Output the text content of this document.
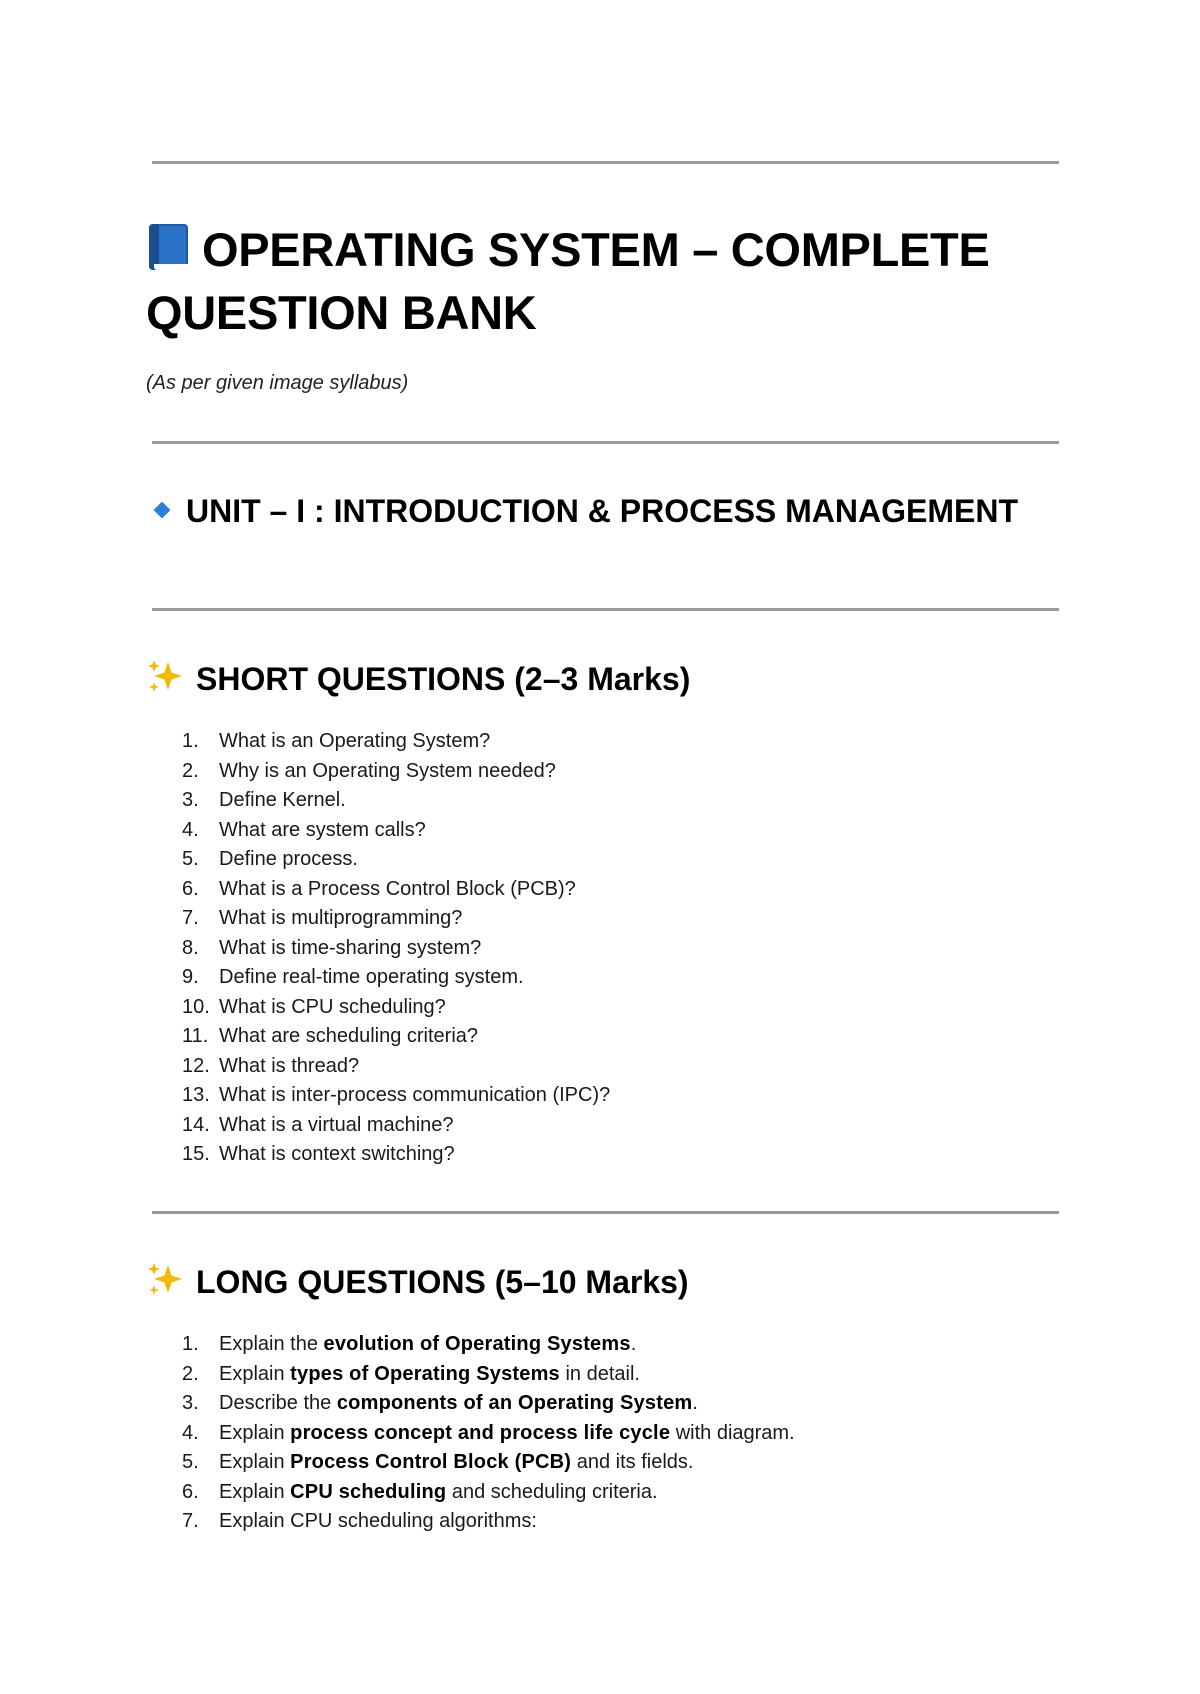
OPERATING SYSTEM – COMPLETE QUESTION BANK

(As per given image syllabus)

UNIT – I : INTRODUCTION & PROCESS MANAGEMENT
SHORT QUESTIONS (2–3 Marks)
1. What is an Operating System?
2. Why is an Operating System needed?
3. Define Kernel.
4. What are system calls?
5. Define process.
6. What is a Process Control Block (PCB)?
7. What is multiprogramming?
8. What is time-sharing system?
9. Define real-time operating system.
10. What is CPU scheduling?
11. What are scheduling criteria?
12. What is thread?
13. What is inter-process communication (IPC)?
14. What is a virtual machine?
15. What is context switching?
LONG QUESTIONS (5–10 Marks)
1. Explain the evolution of Operating Systems.
2. Explain types of Operating Systems in detail.
3. Describe the components of an Operating System.
4. Explain process concept and process life cycle with diagram.
5. Explain Process Control Block (PCB) and its fields.
6. Explain CPU scheduling and scheduling criteria.
7. Explain CPU scheduling algorithms:
